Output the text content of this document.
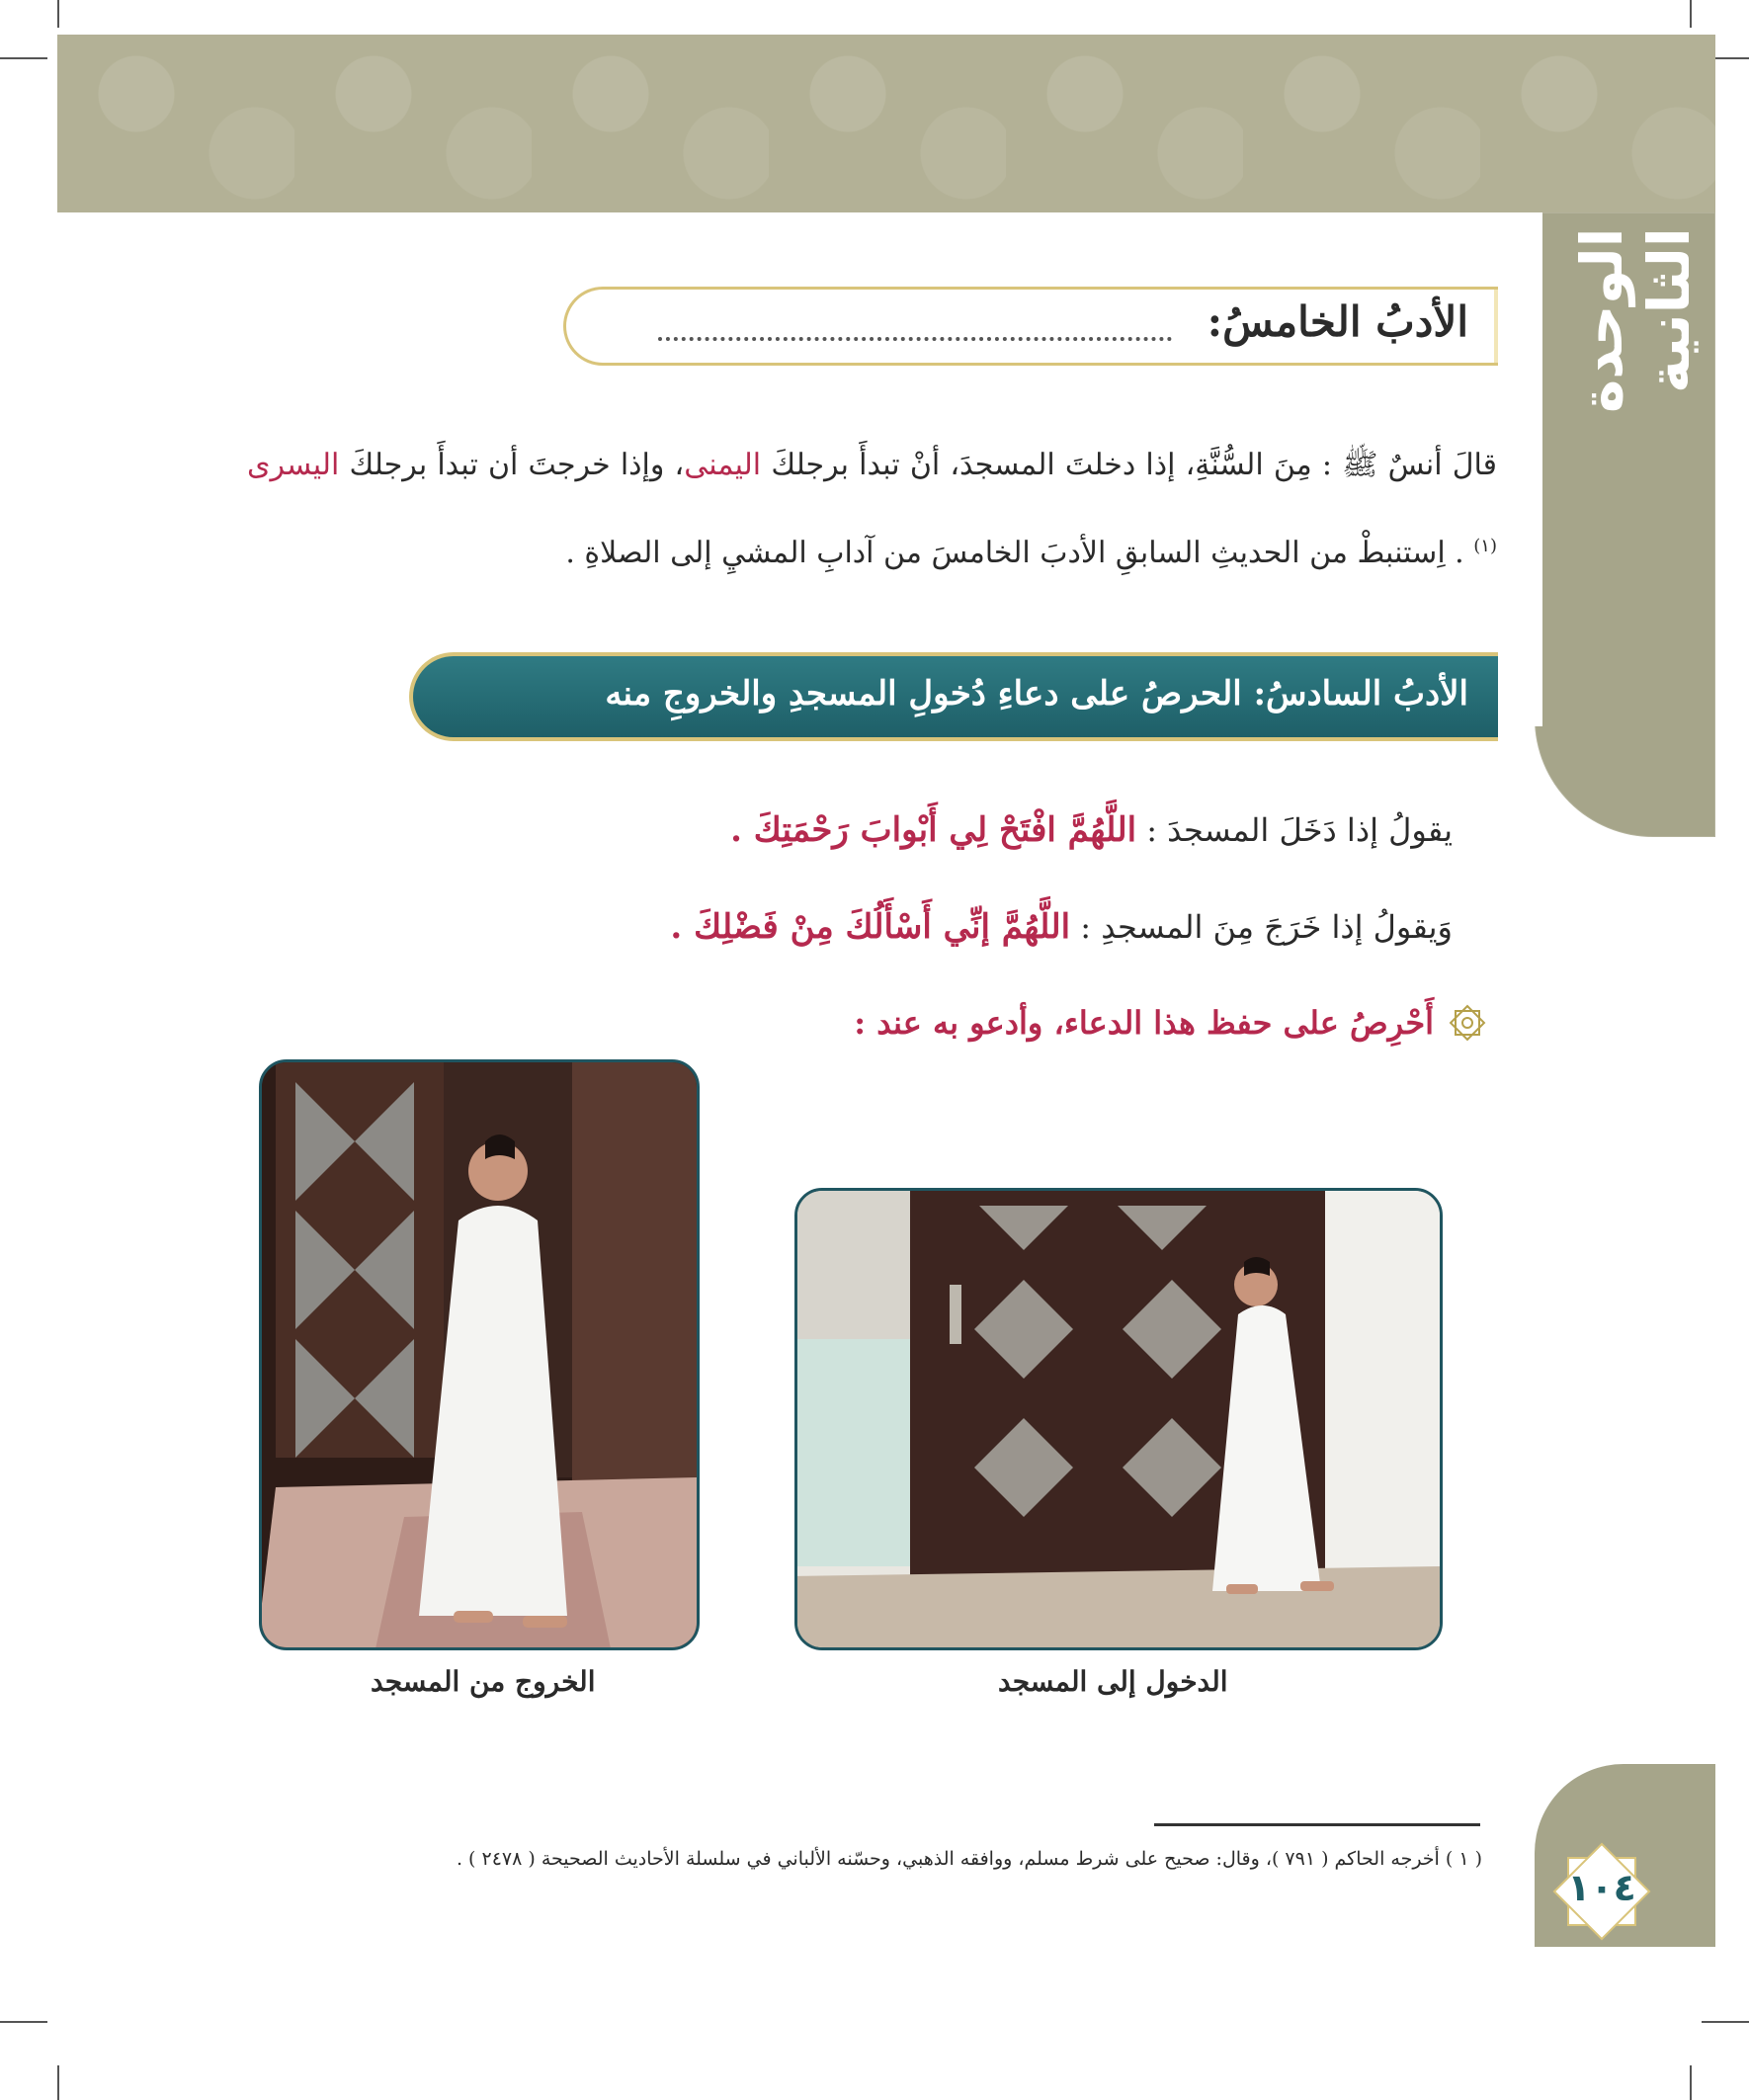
الوحدة الثانية
الأدبُ الخامسُ:
قالَ أنسٌ ﷺ : مِنَ السُّنَّةِ، إذا دخلتَ المسجدَ، أنْ تبدأَ برجلكَ اليمنى، وإذا خرجتَ أن تبدأَ برجلكَ اليسرى $^{(١)}$ . اِستنبطْ من الحديثِ السابقِ الأدبَ الخامسَ من آدابِ المشيِ إلى الصلاةِ .
الأدبُ السادسُ: الحرصُ على دعاءِ دُخولِ المسجدِ والخروجِ منه
يقولُ إذا دَخَلَ المسجدَ : اللَّهُمَّ افْتَحْ لِي أَبْوابَ رَحْمَتِكَ .
وَيقولُ إذا خَرَجَ مِنَ المسجدِ : اللَّهُمَّ إنِّي أَسْأَلُكَ مِنْ فَضْلِكَ .
أَحْرِصُ على حفظ هذا الدعاء، وأدعو به عند :
الخروج من المسجد	الدخول إلى المسجد
( ١ ) أخرجه الحاكم ( ٧٩١ )، وقال: صحيح على شرط مسلم، ووافقه الذهبي، وحسّنه الألباني في سلسلة الأحاديث الصحيحة ( ٢٤٧٨ ) .
١٠٤
